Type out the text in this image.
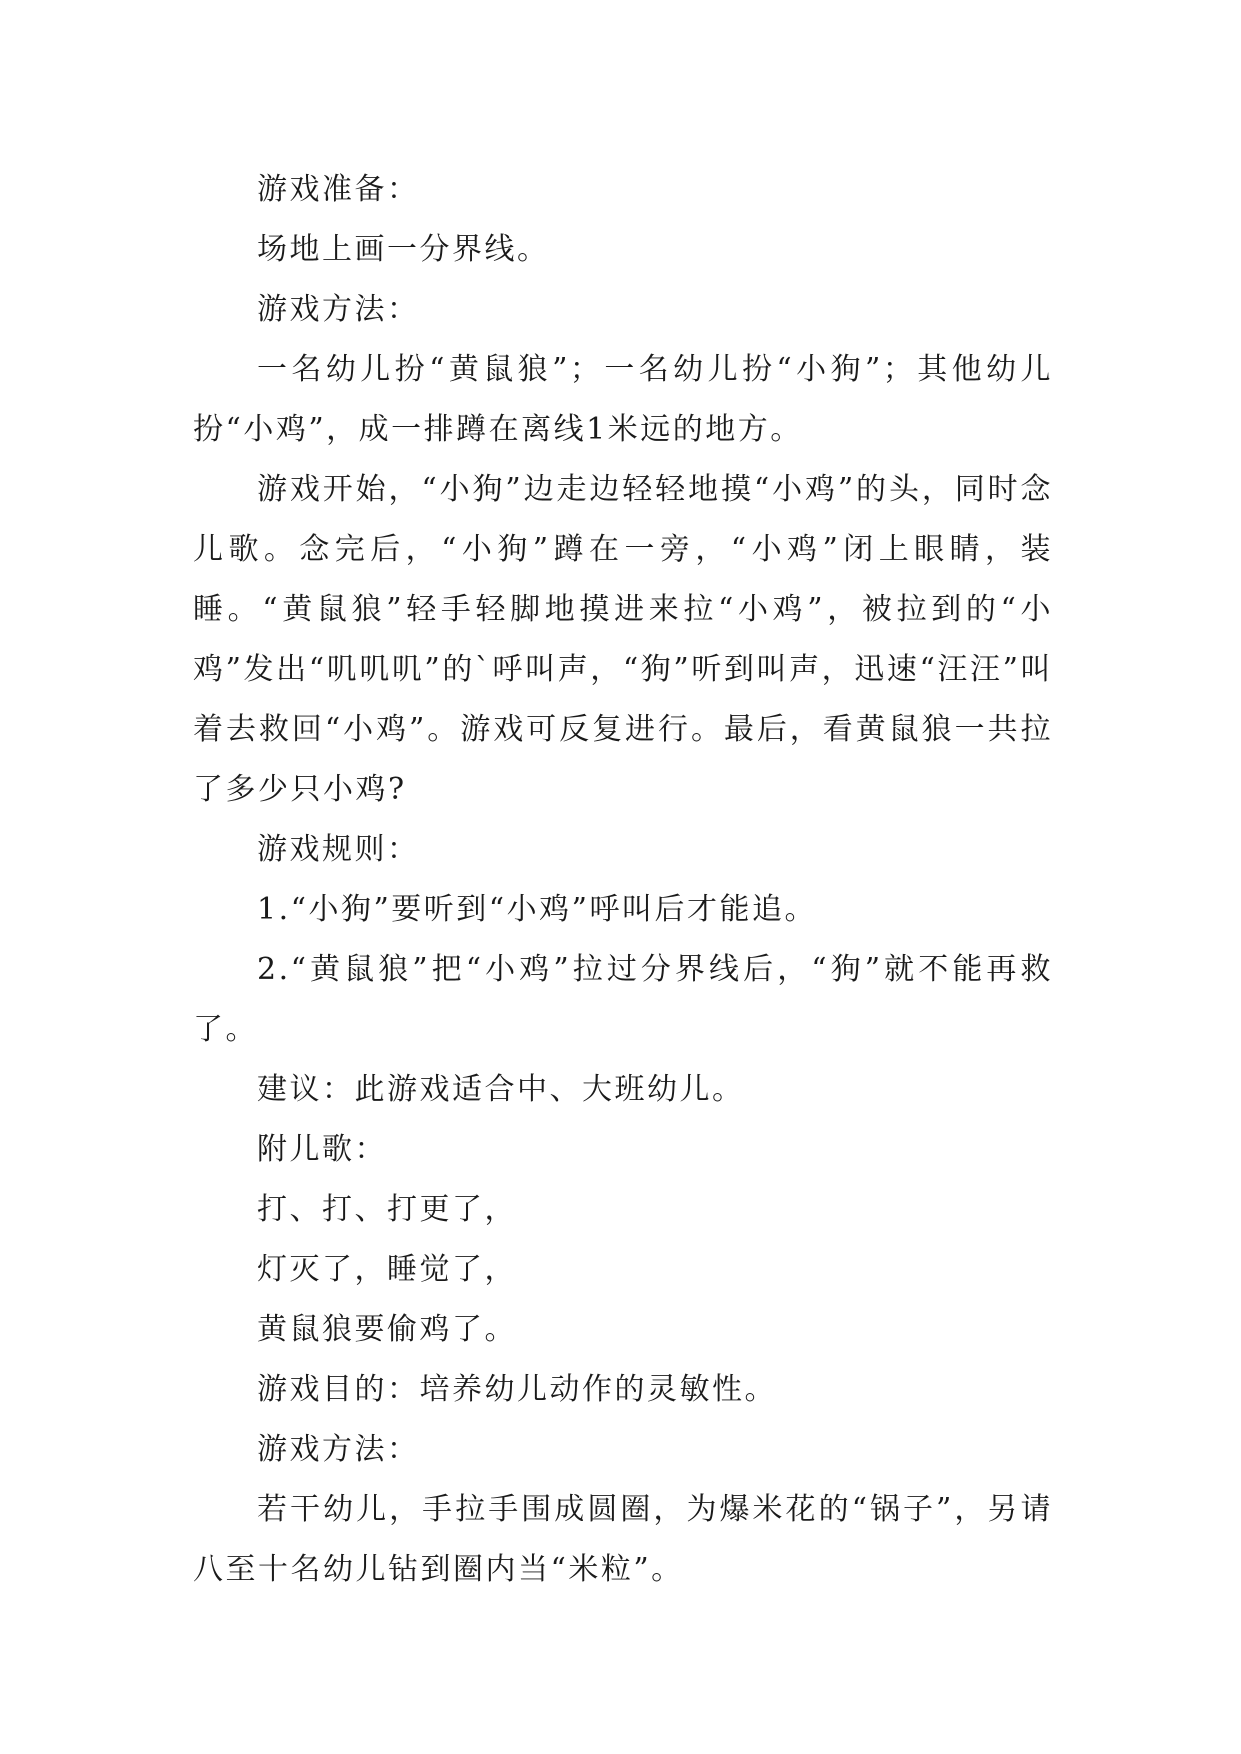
游戏准备：

场地上画一分界线。

游戏方法：

一名幼儿扮“黄鼠狼”；一名幼儿扮“小狗”；其他幼儿扮“小鸡”，成一排蹲在离线1米远的地方。

游戏开始，“小狗”边走边轻轻地摸“小鸡”的头，同时念儿歌。念完后，“小狗”蹲在一旁，“小鸡”闭上眼睛，装睡。“黄鼠狼”轻手轻脚地摸进来拉“小鸡”，被拉到的“小鸡”发出“叽叽叽”的`呼叫声，“狗”听到叫声，迅速“汪汪”叫着去救回“小鸡”。游戏可反复进行。最后，看黄鼠狼一共拉了多少只小鸡?

游戏规则：

1.“小狗”要听到“小鸡”呼叫后才能追。

2.“黄鼠狼”把“小鸡”拉过分界线后，“狗”就不能再救了。

建议：此游戏适合中、大班幼儿。

附儿歌：

打、打、打更了，

灯灭了，睡觉了，

黄鼠狼要偷鸡了。

游戏目的：培养幼儿动作的灵敏性。

游戏方法：

若干幼儿，手拉手围成圆圈，为爆米花的“锅子”，另请八至十名幼儿钻到圈内当“米粒”。
